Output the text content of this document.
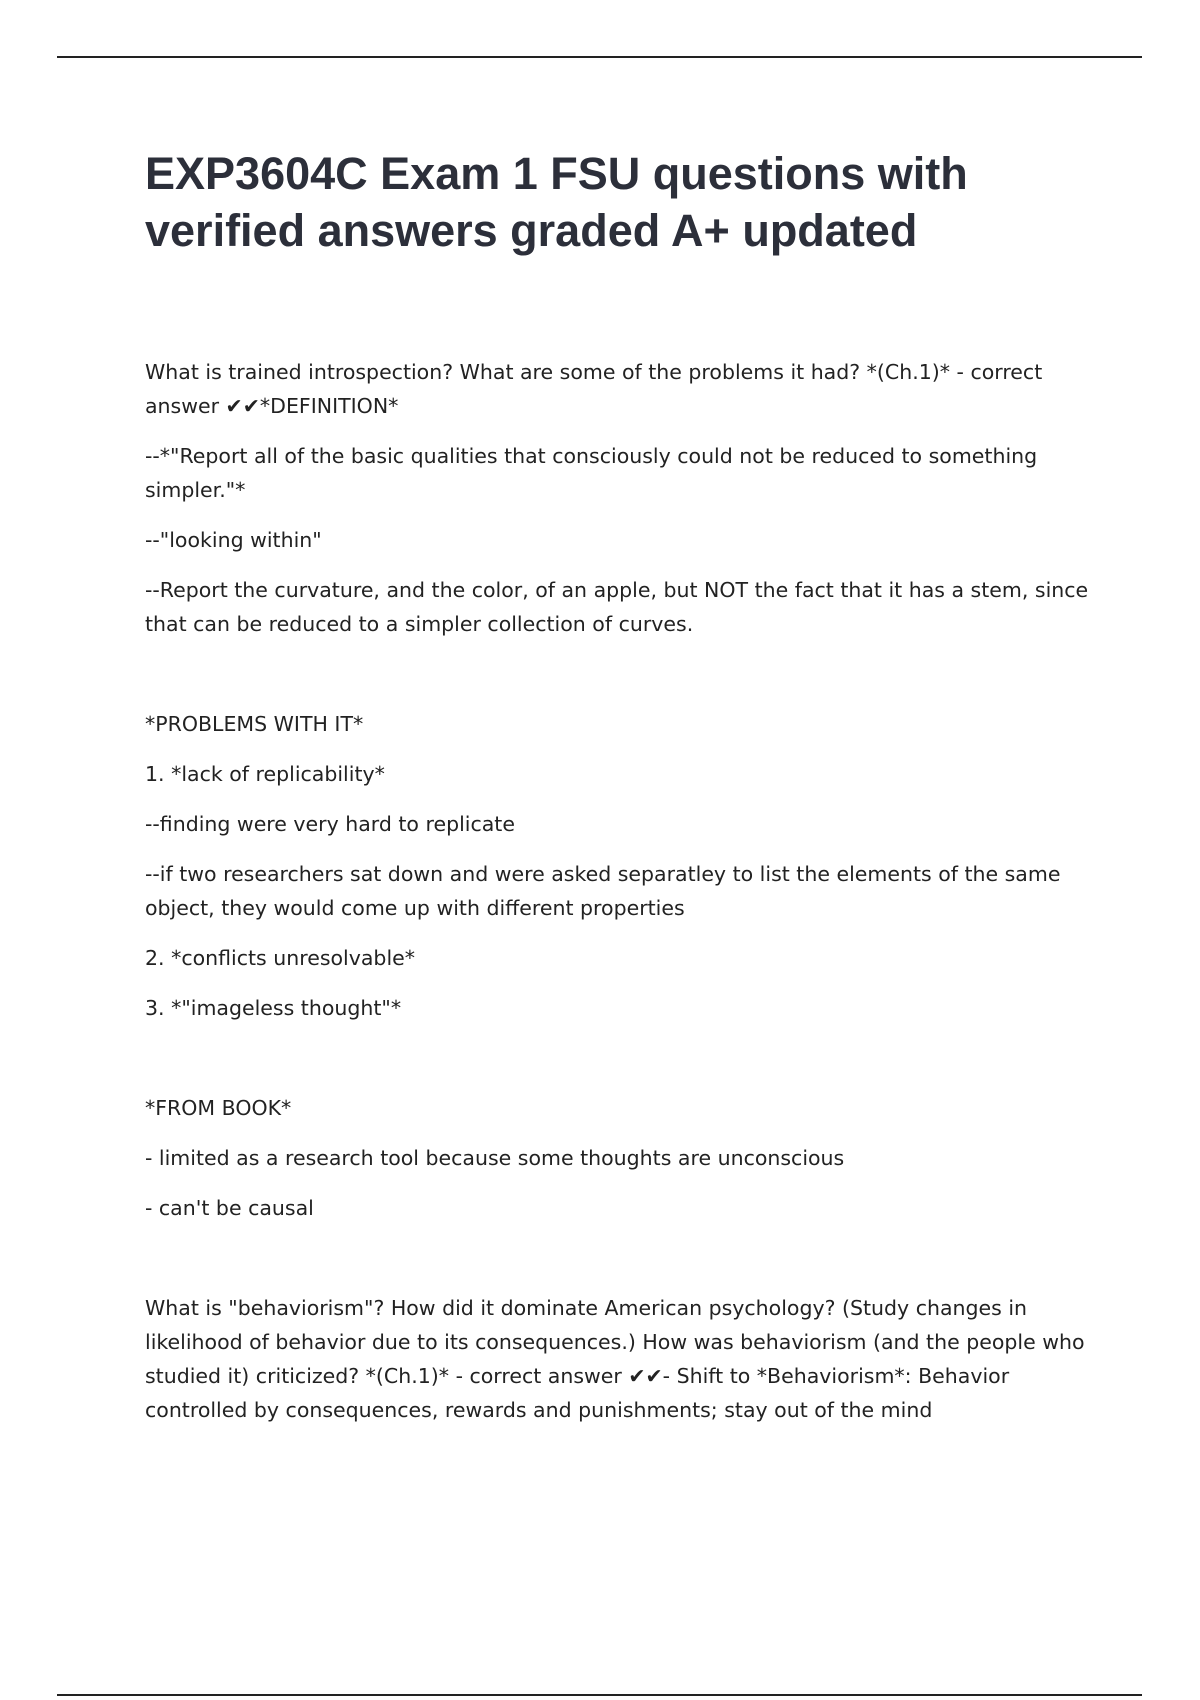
EXP3604C Exam 1 FSU questions with verified answers graded A+ updated

What is trained introspection? What are some of the problems it had? *(Ch.1)* - correct answer ✔✔*DEFINITION*

--*"Report all of the basic qualities that consciously could not be reduced to something simpler."*

--"looking within"

--Report the curvature, and the color, of an apple, but NOT the fact that it has a stem, since that can be reduced to a simpler collection of curves.

*PROBLEMS WITH IT*

1. *lack of replicability*

--finding were very hard to replicate

--if two researchers sat down and were asked separatley to list the elements of the same object, they would come up with different properties

2. *conflicts unresolvable*

3. *"imageless thought"*

*FROM BOOK*

- limited as a research tool because some thoughts are unconscious

- can't be causal

What is "behaviorism"? How did it dominate American psychology? (Study changes in likelihood of behavior due to its consequences.) How was behaviorism (and the people who studied it) criticized? *(Ch.1)* - correct answer ✔✔- Shift to *Behaviorism*: Behavior controlled by consequences, rewards and punishments; stay out of the mind
